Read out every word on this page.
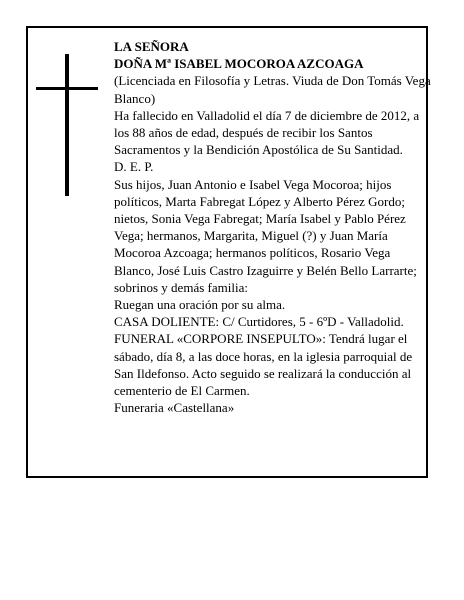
LA SEÑORA

DOÑA Mª ISABEL MOCOROA AZCOAGA

(Licenciada en Filosofía y Letras. Viuda de Don Tomás Vega Blanco)

Ha fallecido en Valladolid el día 7 de diciembre de 2012, a los 88 años de edad, después de recibir los Santos Sacramentos y la Bendición Apostólica de Su Santidad.

D. E. P.

Sus hijos, Juan Antonio e Isabel Vega Mocoroa; hijos políticos, Marta Fabregat López y Alberto Pérez Gordo; nietos, Sonia Vega Fabregat; María Isabel y Pablo Pérez Vega; hermanos, Margarita, Miguel (?) y Juan María Mocoroa Azcoaga; hermanos políticos, Rosario Vega Blanco, José Luis Castro Izaguirre y Belén Bello Larrarte; sobrinos y demás familia:

Ruegan una oración por su alma.

CASA DOLIENTE: C/ Curtidores, 5 - 6ºD - Valladolid.

FUNERAL «CORPORE INSEPULTO»: Tendrá lugar el sábado, día 8, a las doce horas, en la iglesia parroquial de San Ildefonso. Acto seguido se realizará la conducción al cementerio de El Carmen.

Funeraria «Castellana»
